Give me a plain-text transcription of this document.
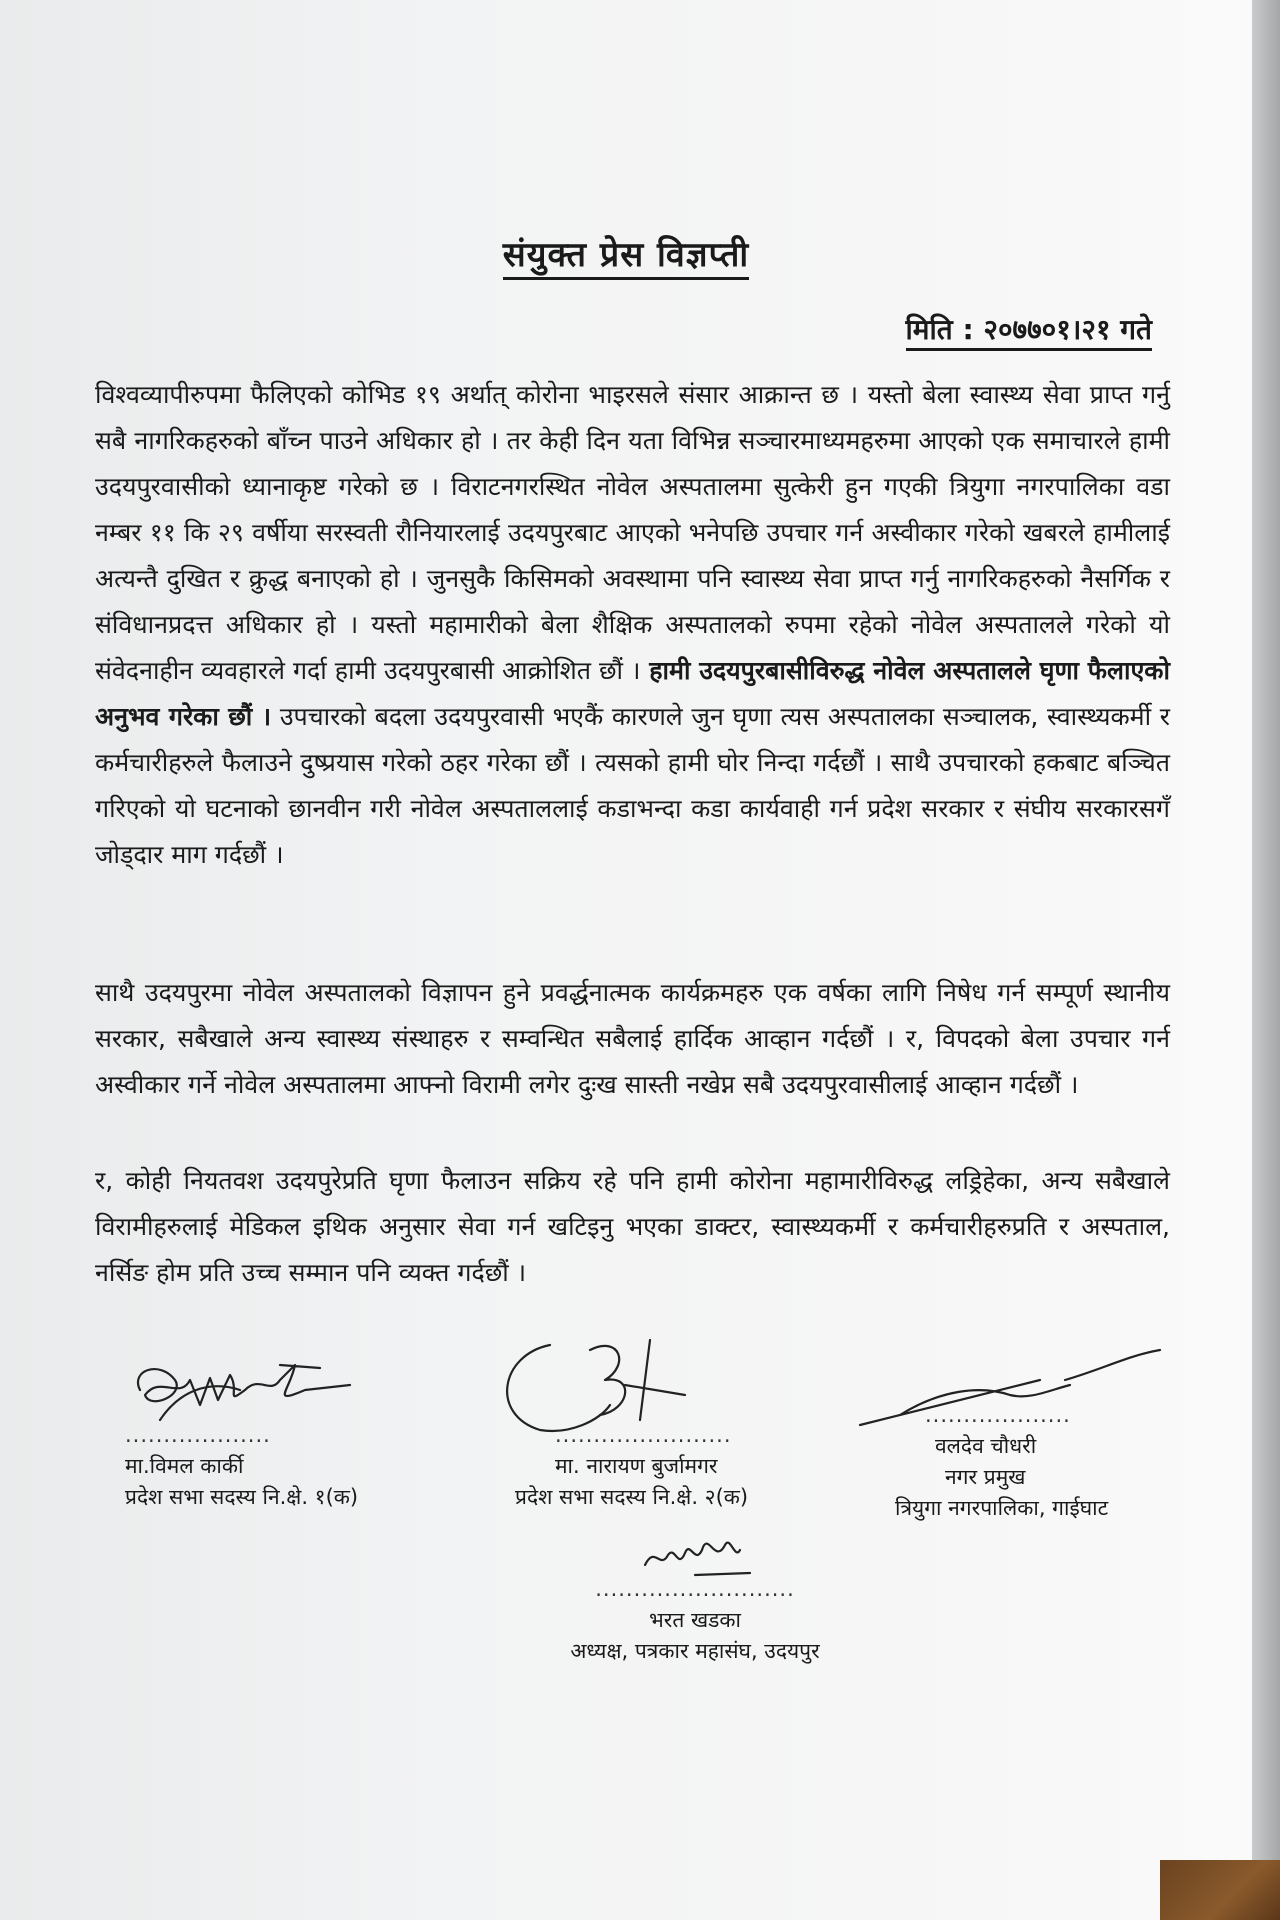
संयुक्त प्रेस विज्ञप्ती
मिति : २०७७०१।२१ गते
विश्वव्यापीरुपमा फैलिएको कोभिड १९ अर्थात् कोरोना भाइरसले संसार आक्रान्त छ । यस्तो बेला स्वास्थ्य सेवा प्राप्त गर्नु सबै नागरिकहरुको बाँच्न पाउने अधिकार हो । तर केही दिन यता विभिन्न सञ्चारमाध्यमहरुमा आएको एक समाचारले हामी उदयपुरवासीको ध्यानाकृष्ट गरेको छ । विराटनगरस्थित नोवेल अस्पतालमा सुत्केरी हुन गएकी त्रियुगा नगरपालिका वडा नम्बर ११ कि २९ वर्षीया सरस्वती रौनियारलाई उदयपुरबाट आएको भनेपछि उपचार गर्न अस्वीकार गरेको खबरले हामीलाई अत्यन्तै दुखित र क्रुद्ध बनाएको हो । जुनसुकै किसिमको अवस्थामा पनि स्वास्थ्य सेवा प्राप्त गर्नु नागरिकहरुको नैसर्गिक र संविधानप्रदत्त अधिकार हो । यस्तो महामारीको बेला शैक्षिक अस्पतालको रुपमा रहेको नोवेल अस्पतालले गरेको यो संवेदनाहीन व्यवहारले गर्दा हामी उदयपुरबासी आक्रोशित छौं । हामी उदयपुरबासीविरुद्ध नोवेल अस्पतालले घृणा फैलाएको अनुभव गरेका छौं । उपचारको बदला उदयपुरवासी भएकैं कारणले जुन घृणा त्यस अस्पतालका सञ्चालक, स्वास्थ्यकर्मी र कर्मचारीहरुले फैलाउने दुष्प्रयास गरेको ठहर गरेका छौं । त्यसको हामी घोर निन्दा गर्दछौं । साथै उपचारको हकबाट बञ्चित गरिएको यो घटनाको छानवीन गरी नोवेल अस्पताललाई कडाभन्दा कडा कार्यवाही गर्न प्रदेश सरकार र संघीय सरकारसगँ जोड्दार माग गर्दछौं ।
साथै उदयपुरमा नोवेल अस्पतालको विज्ञापन हुने प्रवर्द्धनात्मक कार्यक्रमहरु एक वर्षका लागि निषेध गर्न सम्पूर्ण स्थानीय सरकार, सबैखाले अन्य स्वास्थ्य संस्थाहरु र सम्वन्धित सबैलाई हार्दिक आव्हान गर्दछौं । र, विपदको बेला उपचार गर्न अस्वीकार गर्ने नोवेल अस्पतालमा आफ्नो विरामी लगेर दुःख सास्ती नखेप्न सबै उदयपुरवासीलाई आव्हान गर्दछौं ।
र, कोही नियतवश उदयपुरेप्रति घृणा फैलाउन सक्रिय रहे पनि हामी कोरोना महामारीविरुद्ध लड्रिहेका, अन्य सबैखाले विरामीहरुलाई मेडिकल इथिक अनुसार सेवा गर्न खटिइनु भएका डाक्टर, स्वास्थ्यकर्मी र कर्मचारीहरुप्रति र अस्पताल, नर्सिङ होम प्रति उच्च सम्मान पनि व्यक्त गर्दछौं ।
...................
मा.विमल कार्की
प्रदेश सभा सदस्य नि.क्षे. १(क)
.......................
मा. नारायण बुर्जामगर
प्रदेश सभा सदस्य नि.क्षे. २(क)
...................
वलदेव चौधरी
नगर प्रमुख
त्रियुगा नगरपालिका, गाईघाट
..........................
भरत खडका
अध्यक्ष, पत्रकार महासंघ, उदयपुर
